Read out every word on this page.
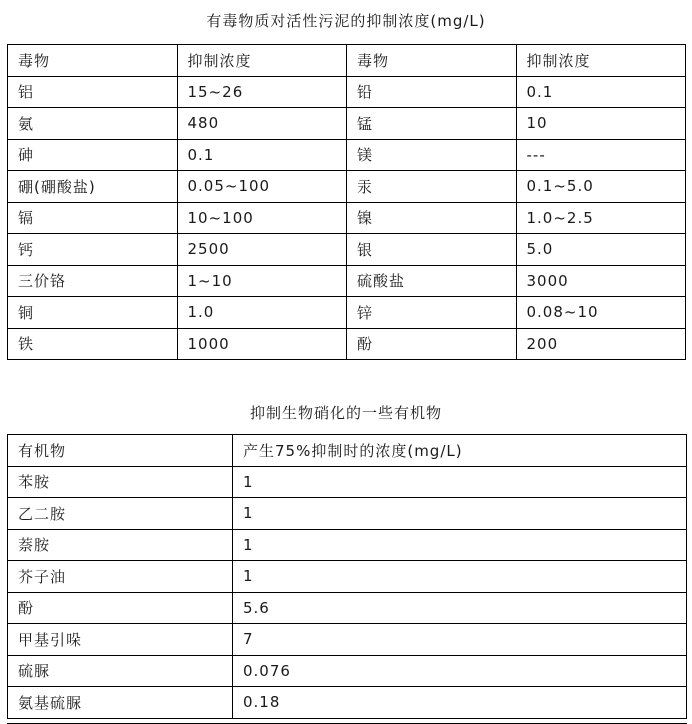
有毒物质对活性污泥的抑制浓度(mg/L)
毒物	抑制浓度	毒物	抑制浓度
铝	15~26	铅	0.1
氨	480	锰	10
砷	0.1	镁	---
硼(硼酸盐)	0.05~100	汞	0.1~5.0
镉	10~100	镍	1.0~2.5
钙	2500	银	5.0
三价铬	1~10	硫酸盐	3000
铜	1.0	锌	0.08~10
铁	1000	酚	200
抑制生物硝化的一些有机物
有机物	产生75%抑制时的浓度(mg/L)
苯胺	1
乙二胺	1
萘胺	1
芥子油	1
酚	5.6
甲基引哚	7
硫脲	0.076
氨基硫脲	0.18
